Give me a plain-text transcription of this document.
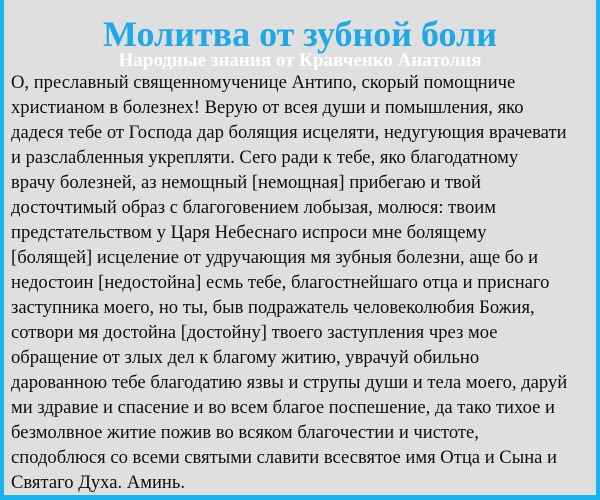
Молитва от зубной боли
Народные знания от Кравченко Анатолия
О, преславный священномученице Антипо, скорый помощниче
христианом в болезнех! Верую от всея души и помышления, яко
дадеся тебе от Господа дар болящия исцеляти, недугующия врачевати
и разслабленныя укрепляти. Сего ради к тебе, яко благодатному
врачу болезней, аз немощный [немощная] прибегаю и твой
досточтимый образ с благоговением лобызая, молюся: твоим
предстательством у Царя Небеснаго испроси мне болящему
[болящей] исцеление от удручающия мя зубныя болезни, аще бо и
недостоин [недостойна] есмь тебе, благостнейшаго отца и приснаго
заступника моего, но ты, быв подражатель человеколюбия Божия,
сотвори мя достойна [достойну] твоего заступления чрез мое
обращение от злых дел к благому житию, уврачуй обильно
дарованною тебе благодатию язвы и струпы души и тела моего, даруй
ми здравие и спасение и во всем благое поспешение, да тако тихое и
безмолвное житие пожив во всяком благочестии и чистоте,
сподоблюся со всеми святыми славити всесвятое имя Отца и Сына и
Святаго Духа. Аминь.
